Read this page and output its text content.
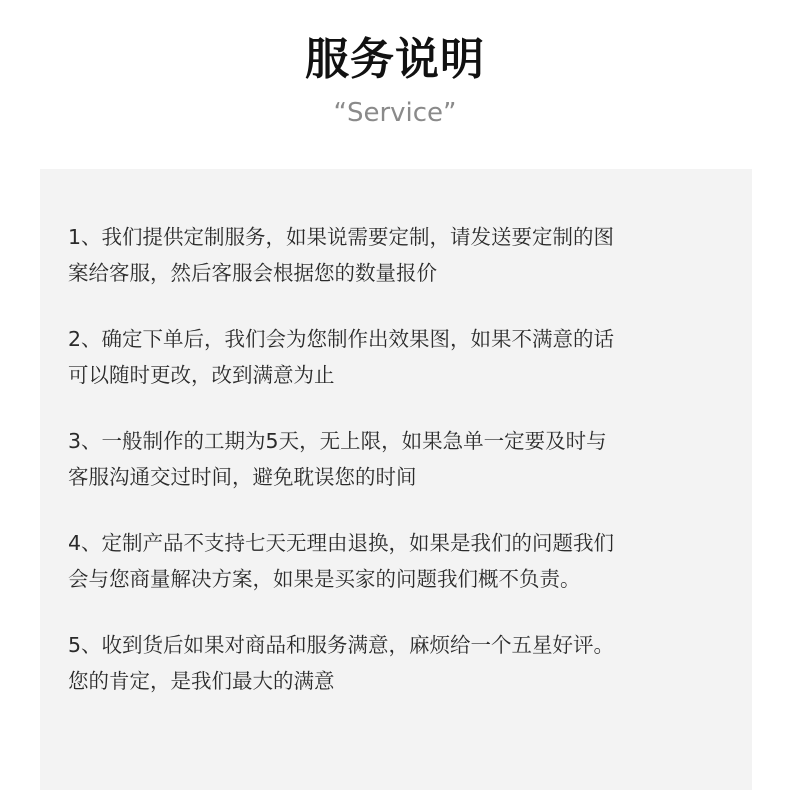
服务说明
“Service”
1、我们提供定制服务，如果说需要定制，请发送要定制的图
案给客服，然后客服会根据您的数量报价
2、确定下单后，我们会为您制作出效果图，如果不满意的话
可以随时更改，改到满意为止
3、一般制作的工期为5天，无上限，如果急单一定要及时与
客服沟通交过时间，避免耽误您的时间
4、定制产品不支持七天无理由退换，如果是我们的问题我们
会与您商量解决方案，如果是买家的问题我们概不负责。
5、收到货后如果对商品和服务满意，麻烦给一个五星好评。
您的肯定，是我们最大的满意
